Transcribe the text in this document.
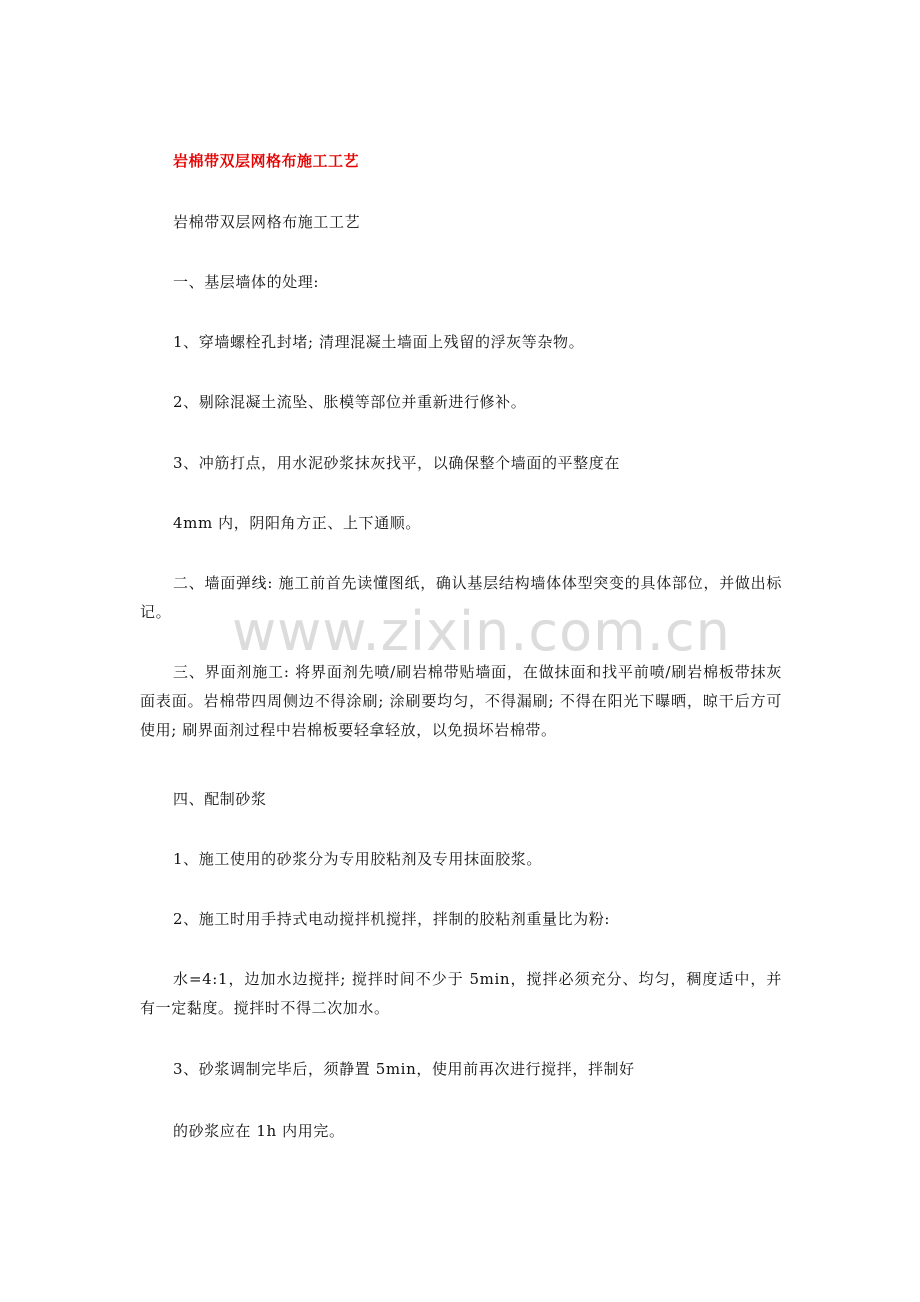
岩棉带双层网格布施工工艺
岩棉带双层网格布施工工艺
一、基层墙体的处理:
1、穿墙螺栓孔封堵; 清理混凝土墙面上残留的浮灰等杂物。
2、剔除混凝土流坠、胀模等部位并重新进行修补。
3、冲筋打点，用水泥砂浆抹灰找平，以确保整个墙面的平整度在
4mm 内，阴阳角方正、上下通顺。
二、墙面弹线: 施工前首先读懂图纸，确认基层结构墙体体型突变的具体部位，并做出标记。
三、界面剂施工: 将界面剂先喷/刷岩棉带贴墙面，在做抹面和找平前喷/刷岩棉板带抹灰面表面。岩棉带四周侧边不得涂刷; 涂刷要均匀，不得漏刷; 不得在阳光下曝晒，晾干后方可使用; 刷界面剂过程中岩棉板要轻拿轻放，以免损坏岩棉带。
四、配制砂浆
1、施工使用的砂浆分为专用胶粘剂及专用抹面胶浆。
2、施工时用手持式电动搅拌机搅拌，拌制的胶粘剂重量比为粉:
水=4:1，边加水边搅拌; 搅拌时间不少于 5min，搅拌必须充分、均匀，稠度适中，并有一定黏度。搅拌时不得二次加水。
3、砂浆调制完毕后，须静置 5min，使用前再次进行搅拌，拌制好
的砂浆应在 1h 内用完。
www.zixin.com.cn
